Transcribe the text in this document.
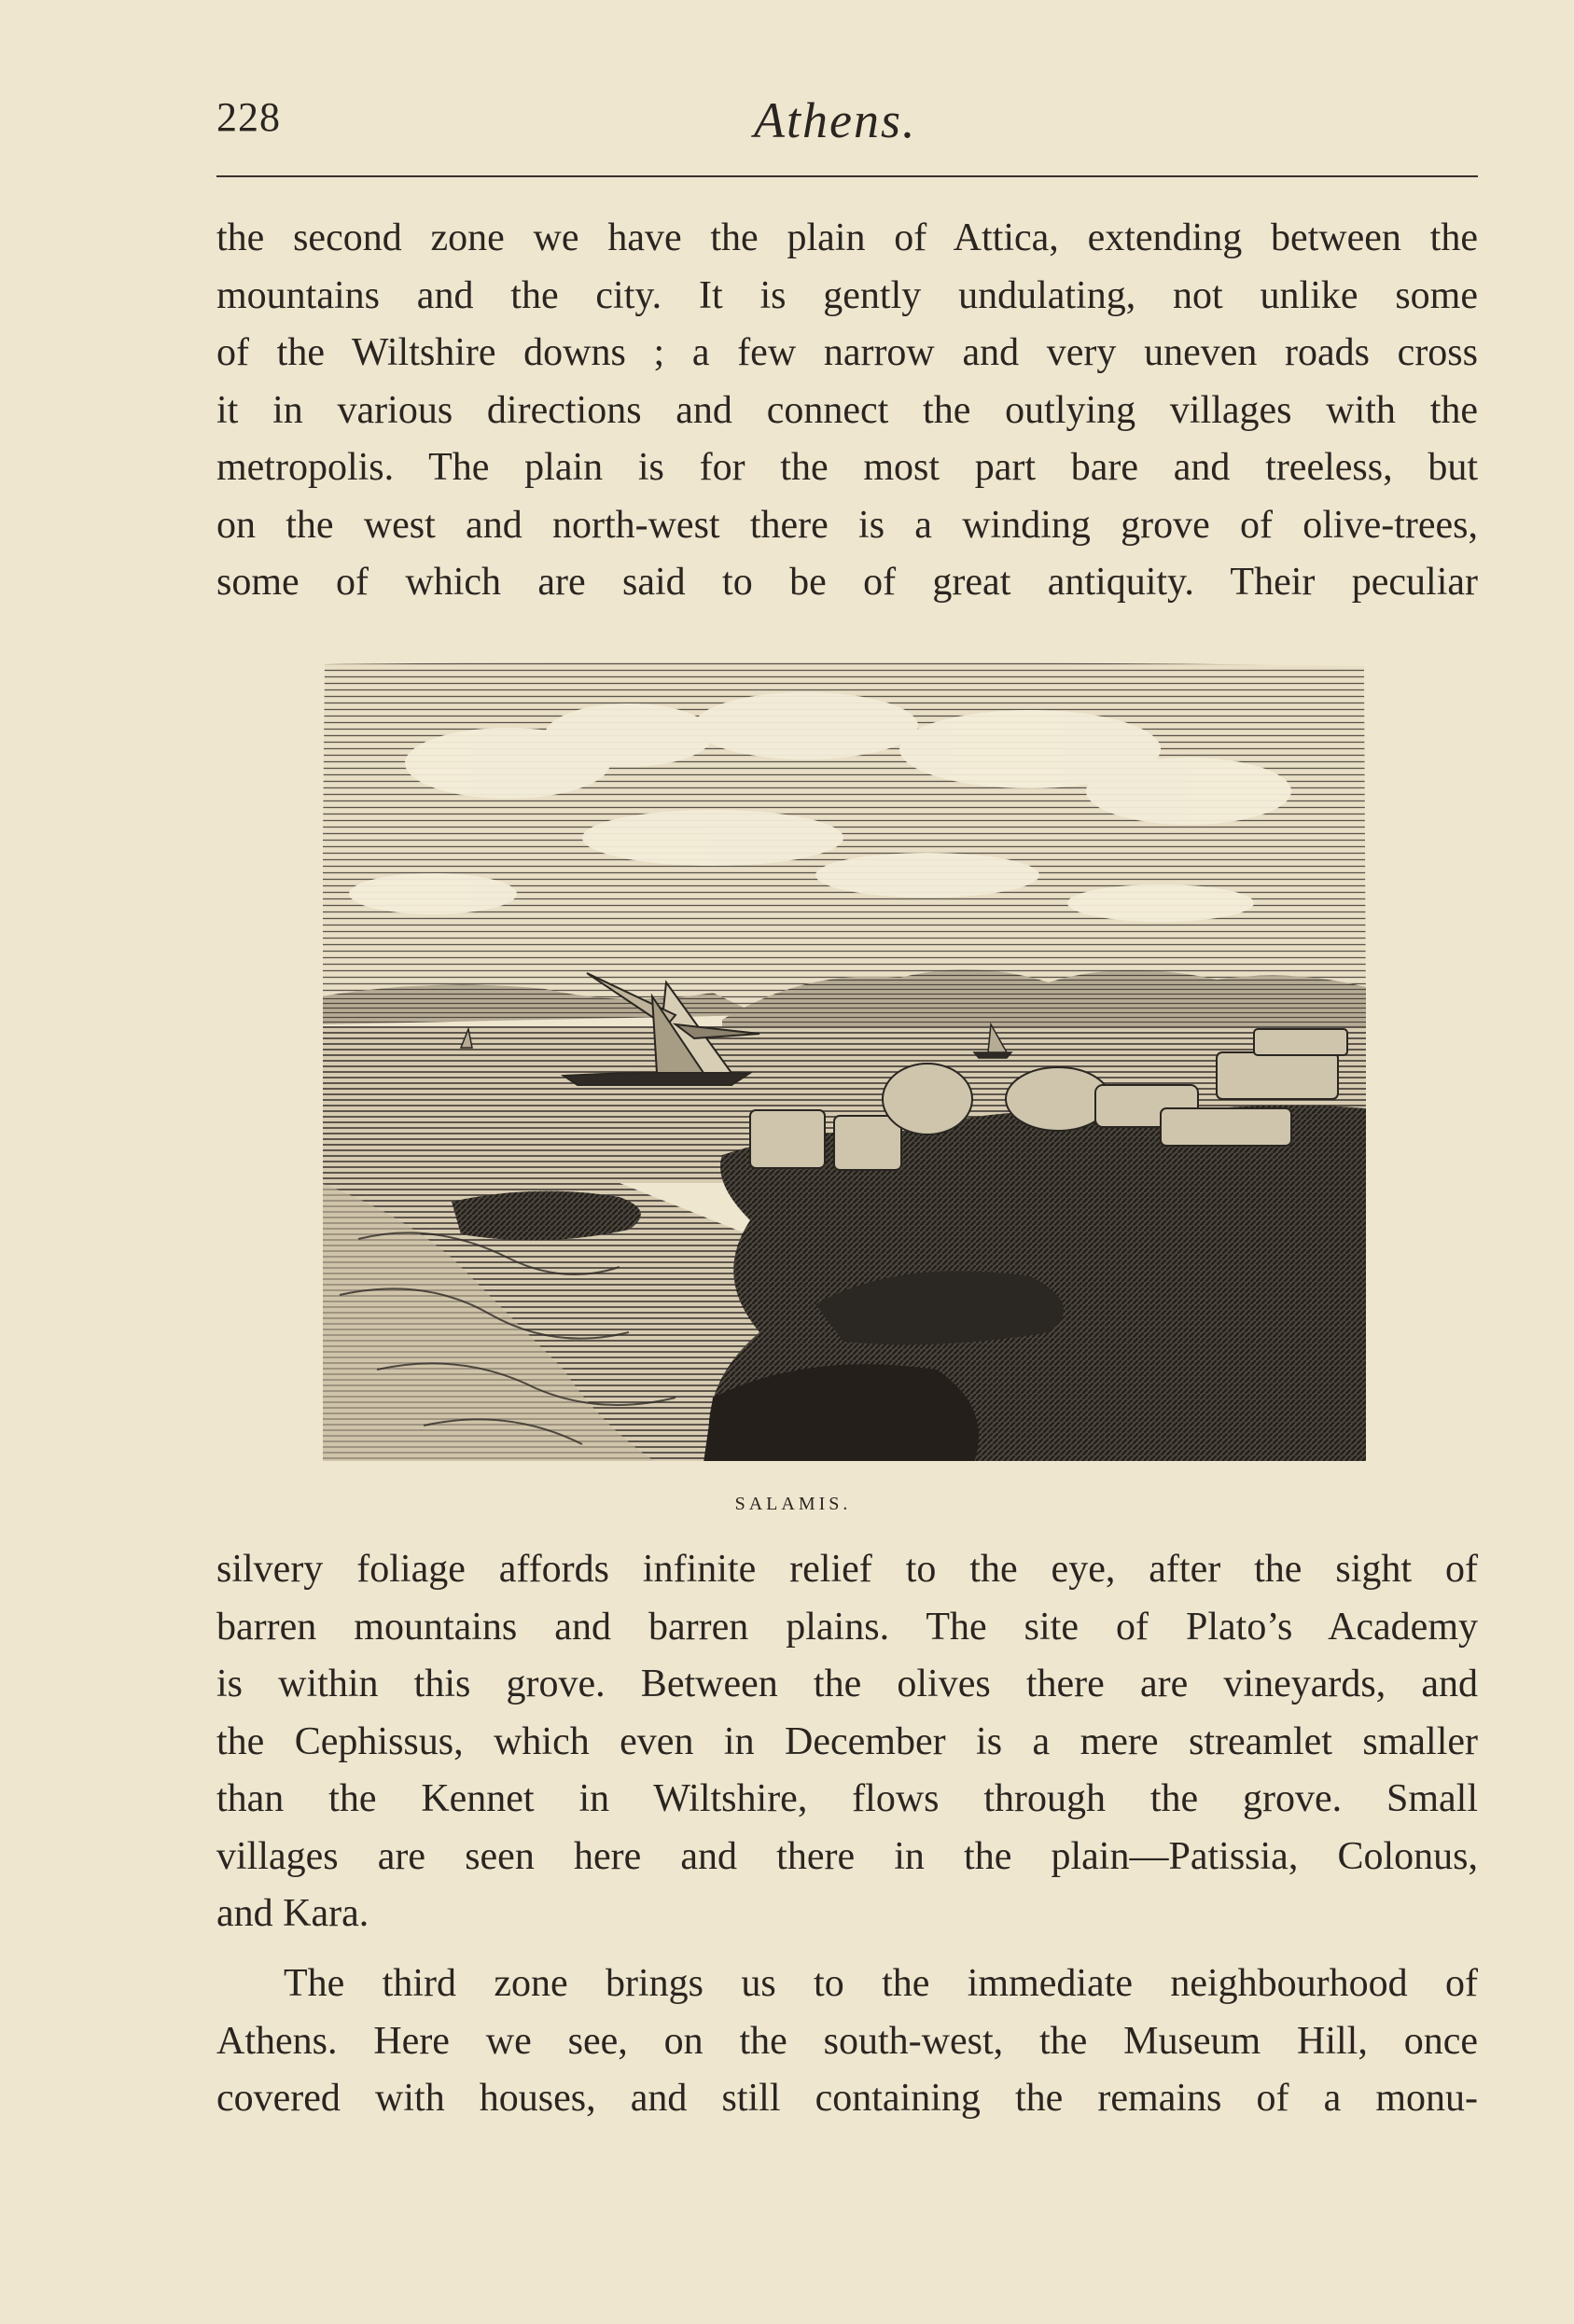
228	Athens.
the second zone we have the plain of Attica, extending between the
mountains and the city. It is gently undulating, not unlike some
of the Wiltshire downs ; a few narrow and very uneven roads cross
it in various directions and connect the outlying villages with the
metropolis. The plain is for the most part bare and treeless, but
on the west and north-west there is a winding grove of olive-trees,
some of which are said to be of great antiquity. Their peculiar
SALAMIS.
silvery foliage affords infinite relief to the eye, after the sight of
barren mountains and barren plains. The site of Plato’s Academy
is within this grove. Between the olives there are vineyards, and
the Cephissus, which even in December is a mere streamlet smaller
than the Kennet in Wiltshire, flows through the grove. Small
villages are seen here and there in the plain—Patissia, Colonus,
and Kara.
The third zone brings us to the immediate neighbourhood of
Athens. Here we see, on the south-west, the Museum Hill, once
covered with houses, and still containing the remains of a monu-
